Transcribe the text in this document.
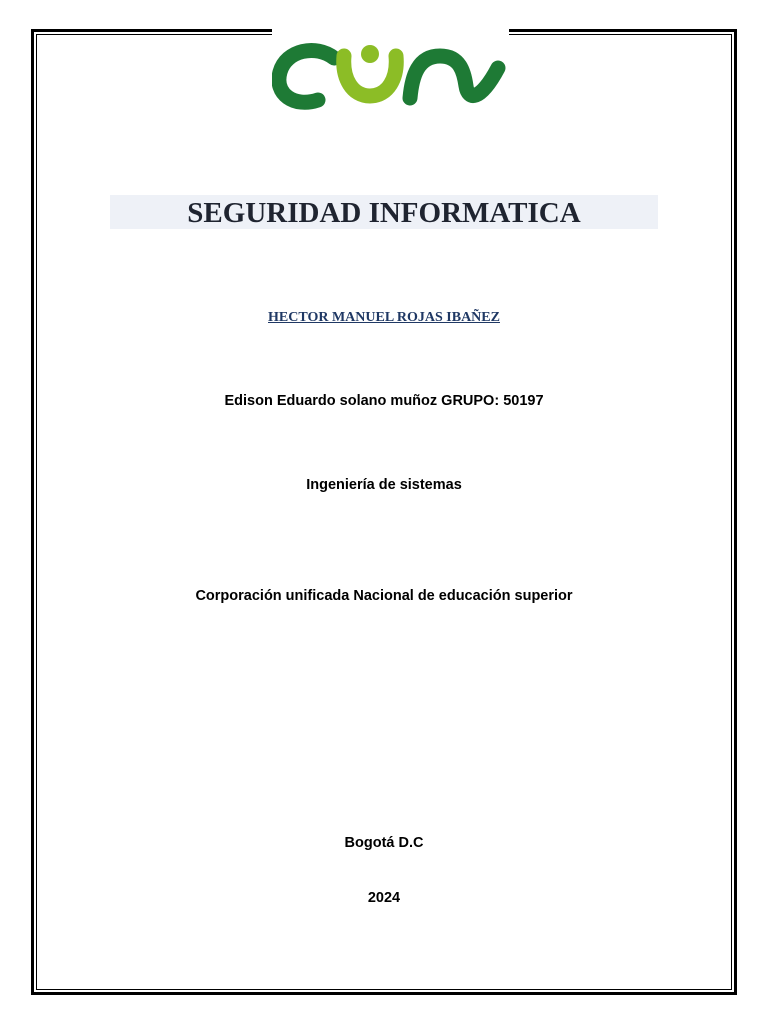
SEGURIDAD INFORMATICA

HECTOR MANUEL ROJAS IBAÑEZ

Edison Eduardo solano muñoz GRUPO: 50197

Ingeniería de sistemas

Corporación unificada Nacional de educación superior

Bogotá D.C

2024
